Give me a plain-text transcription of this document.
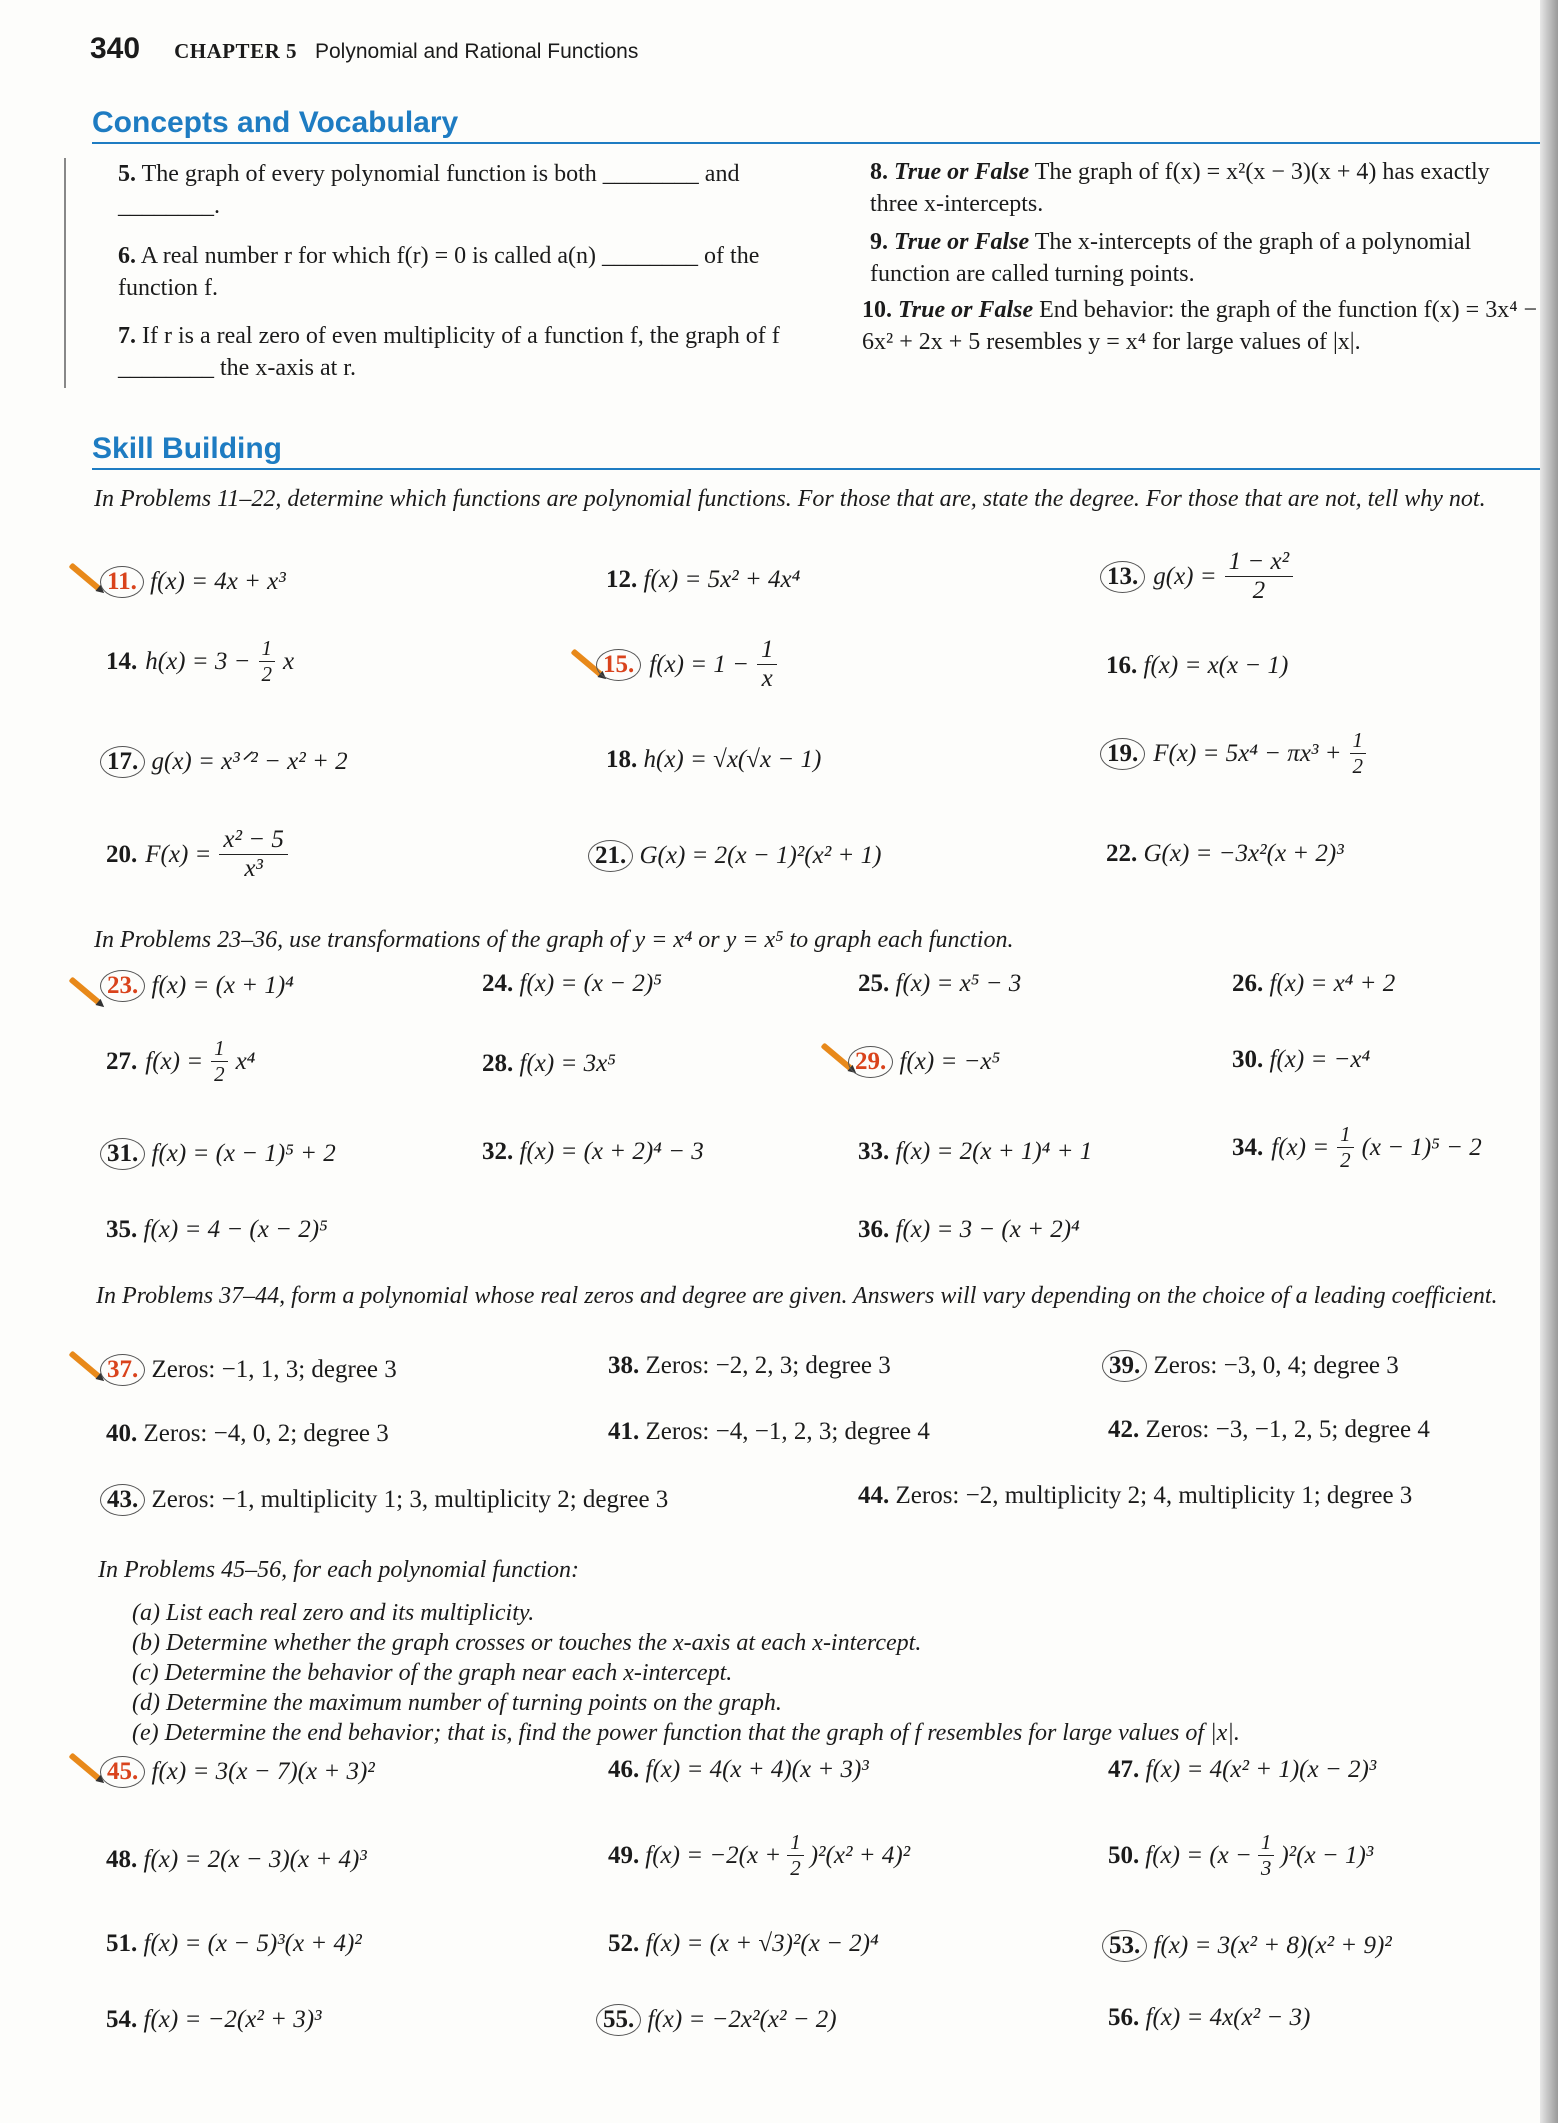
340 CHAPTER 5 Polynomial and Rational Functions
Concepts and Vocabulary
5. The graph of every polynomial function is both ________ and ________.
6. A real number r for which f(r) = 0 is called a(n) ________ of the function f.
7. If r is a real zero of even multiplicity of a function f, the graph of f ________ the x-axis at r.
8. True or False The graph of f(x) = x²(x − 3)(x + 4) has exactly three x-intercepts.
9. True or False The x-intercepts of the graph of a polynomial function are called turning points.
10. True or False End behavior: the graph of the function f(x) = 3x⁴ − 6x² + 2x + 5 resembles y = x⁴ for large values of |x|.
Skill Building
In Problems 11–22, determine which functions are polynomial functions. For those that are, state the degree. For those that are not, tell why not.
11. f(x) = 4x + x³	12. f(x) = 5x² + 4x⁴	13. $g(x) = \frac{\text{1 − x²}}{2}$
14. $h(x) = 3 - \frac{1}{2}$ x	15. $f(x) = 1 - \frac{1}{x}$	16. f(x) = x(x − 1)
17. g(x) = x³ᐟ² − x² + 2	18. h(x) = √x(√x − 1)	19. $F(x) = 5x^4 - \pi x^3 + \frac{1}{2}$
20. $F(x) = \frac{\text{x² − 5}}{\text{x³}}$	21. G(x) = 2(x − 1)²(x² + 1)	22. G(x) = −3x²(x + 2)³
In Problems 23–36, use transformations of the graph of y = x⁴ or y = x⁵ to graph each function.
23. f(x) = (x + 1)⁴	24. f(x) = (x − 2)⁵	25. f(x) = x⁵ − 3	26. f(x) = x⁴ + 2
27. $f(x) = \frac{1}{2} x^4$	28. f(x) = 3x⁵	29. f(x) = −x⁵	30. f(x) = −x⁴
31. f(x) = (x − 1)⁵ + 2	32. f(x) = (x + 2)⁴ − 3	33. f(x) = 2(x + 1)⁴ + 1	34. $f(x) = \frac{1}{2} (x - 1)^5 - 2$
35. f(x) = 4 − (x − 2)⁵	36. f(x) = 3 − (x + 2)⁴
In Problems 37–44, form a polynomial whose real zeros and degree are given. Answers will vary depending on the choice of a leading coefficient.
37. Zeros: −1, 1, 3; degree 3	38. Zeros: −2, 2, 3; degree 3	39. Zeros: −3, 0, 4; degree 3
40. Zeros: −4, 0, 2; degree 3	41. Zeros: −4, −1, 2, 3; degree 4	42. Zeros: −3, −1, 2, 5; degree 4
43. Zeros: −1, multiplicity 1; 3, multiplicity 2; degree 3	44. Zeros: −2, multiplicity 2; 4, multiplicity 1; degree 3
In Problems 45–56, for each polynomial function:
(a) List each real zero and its multiplicity.
(b) Determine whether the graph crosses or touches the x-axis at each x-intercept.
(c) Determine the behavior of the graph near each x-intercept.
(d) Determine the maximum number of turning points on the graph.
(e) Determine the end behavior; that is, find the power function that the graph of f resembles for large values of |x|.
45. f(x) = 3(x − 7)(x + 3)²	46. f(x) = 4(x + 4)(x + 3)³	47. f(x) = 4(x² + 1)(x − 2)³
48. f(x) = 2(x − 3)(x + 4)³	49. $f(x) = -2(x + \frac{1}{2} )^2(x^2 + 4)^2$	50. $f(x) = (x - \frac{1}{3} )^2(x - 1)^3$
51. f(x) = (x − 5)³(x + 4)²	52. f(x) = (x + √3)²(x − 2)⁴	53. f(x) = 3(x² + 8)(x² + 9)²
54. f(x) = −2(x² + 3)³	55. f(x) = −2x²(x² − 2)	56. f(x) = 4x(x² − 3)
